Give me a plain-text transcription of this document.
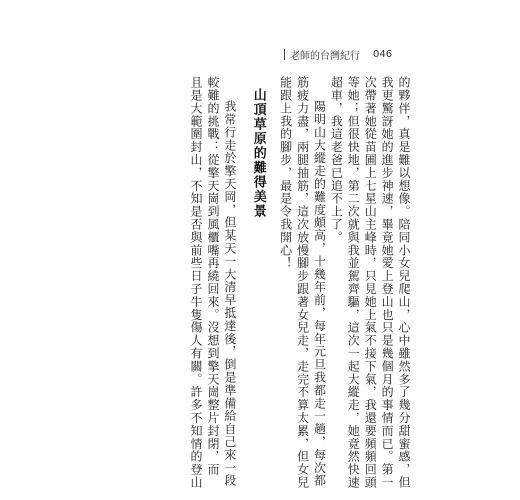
老師的台灣紀行 046
的夥伴，真是難以想像。陪同小女兒爬山，心中雖然多了幾分甜蜜感，但
我更驚訝她的進步神速，畢竟她愛上登山也只是幾個月的事情而已。第一
次帶著她從苗圃上七星山主峰時，只見她上氣不接下氣，我還要頻頻回頭
等她；但很快地，第二次就與我並駕齊驅，這次一起大縱走，她竟然快速
超車，我這老爸已追不上了。
陽明山大縱走的難度頗高，十幾年前，每年元旦我都走一趟，每次都
筋疲力盡，兩腿抽筋，這次放慢腳步跟著女兒走，走完不算太累，但女兒
能跟上我的腳步，最是令我開心！
山頂草原的難得美景
我常行走於擎天岡，但某天一大清早抵達後，倒是準備給自己來一段
較難的挑戰：從擎天崗到風櫃嘴再繞回來。沒想到擎天崗整片封閉，而
且是大範圍封山，不知是否與前些日子牛隻傷人有關。許多不知情的登山
